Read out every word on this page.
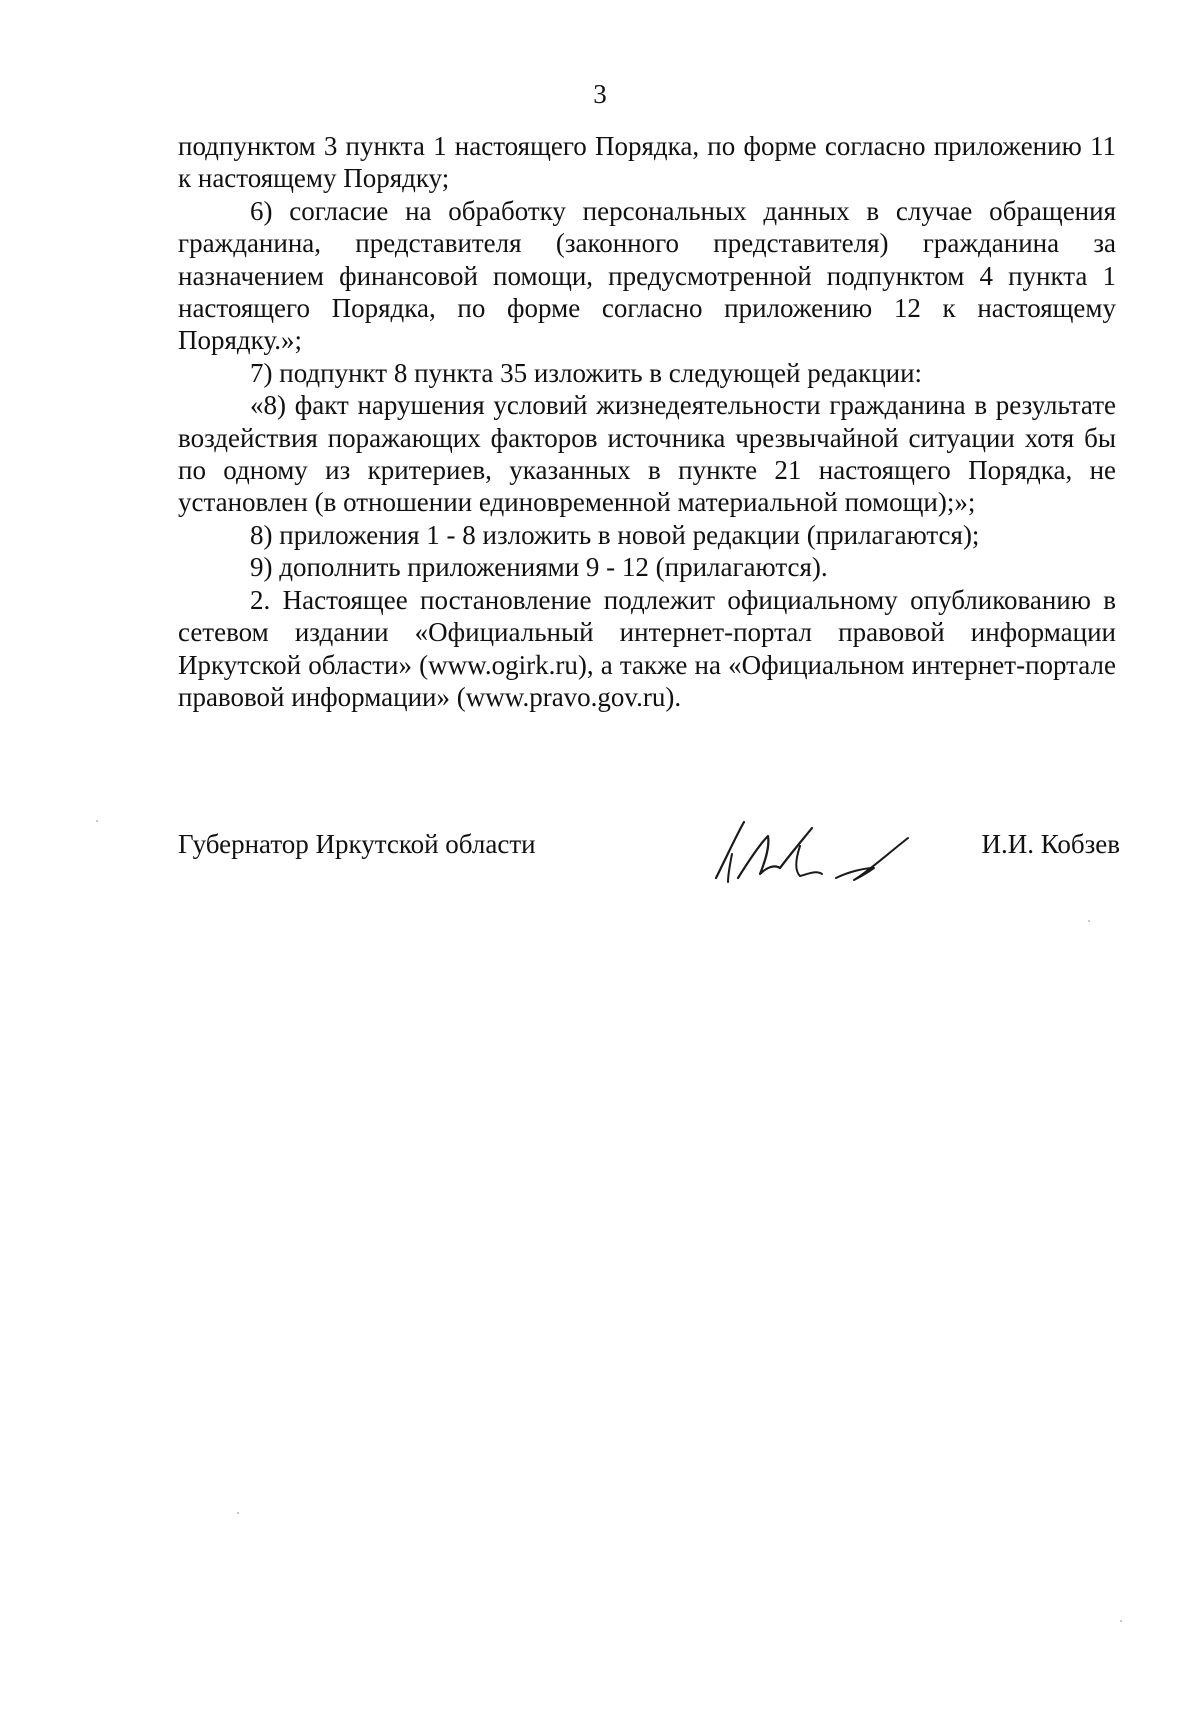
3

подпунктом 3 пункта 1 настоящего Порядка, по форме согласно приложению 11 к настоящему Порядку;

6) согласие на обработку персональных данных в случае обращения гражданина, представителя (законного представителя) гражданина за назначением финансовой помощи, предусмотренной подпунктом 4 пункта 1 настоящего Порядка, по форме согласно приложению 12 к настоящему Порядку.»;

7) подпункт 8 пункта 35 изложить в следующей редакции:

«8) факт нарушения условий жизнедеятельности гражданина в результате воздействия поражающих факторов источника чрезвычайной ситуации хотя бы по одному из критериев, указанных в пункте 21 настоящего Порядка, не установлен (в отношении единовременной материальной помощи);»;

8) приложения 1 - 8 изложить в новой редакции (прилагаются);

9) дополнить приложениями 9 - 12 (прилагаются).

2. Настоящее постановление подлежит официальному опубликованию в сетевом издании «Официальный интернет-портал правовой информации Иркутской области» (www.ogirk.ru), а также на «Официальном интернет-портале правовой информации» (www.pravo.gov.ru).

Губернатор Иркутской области	И.И. Кобзев
